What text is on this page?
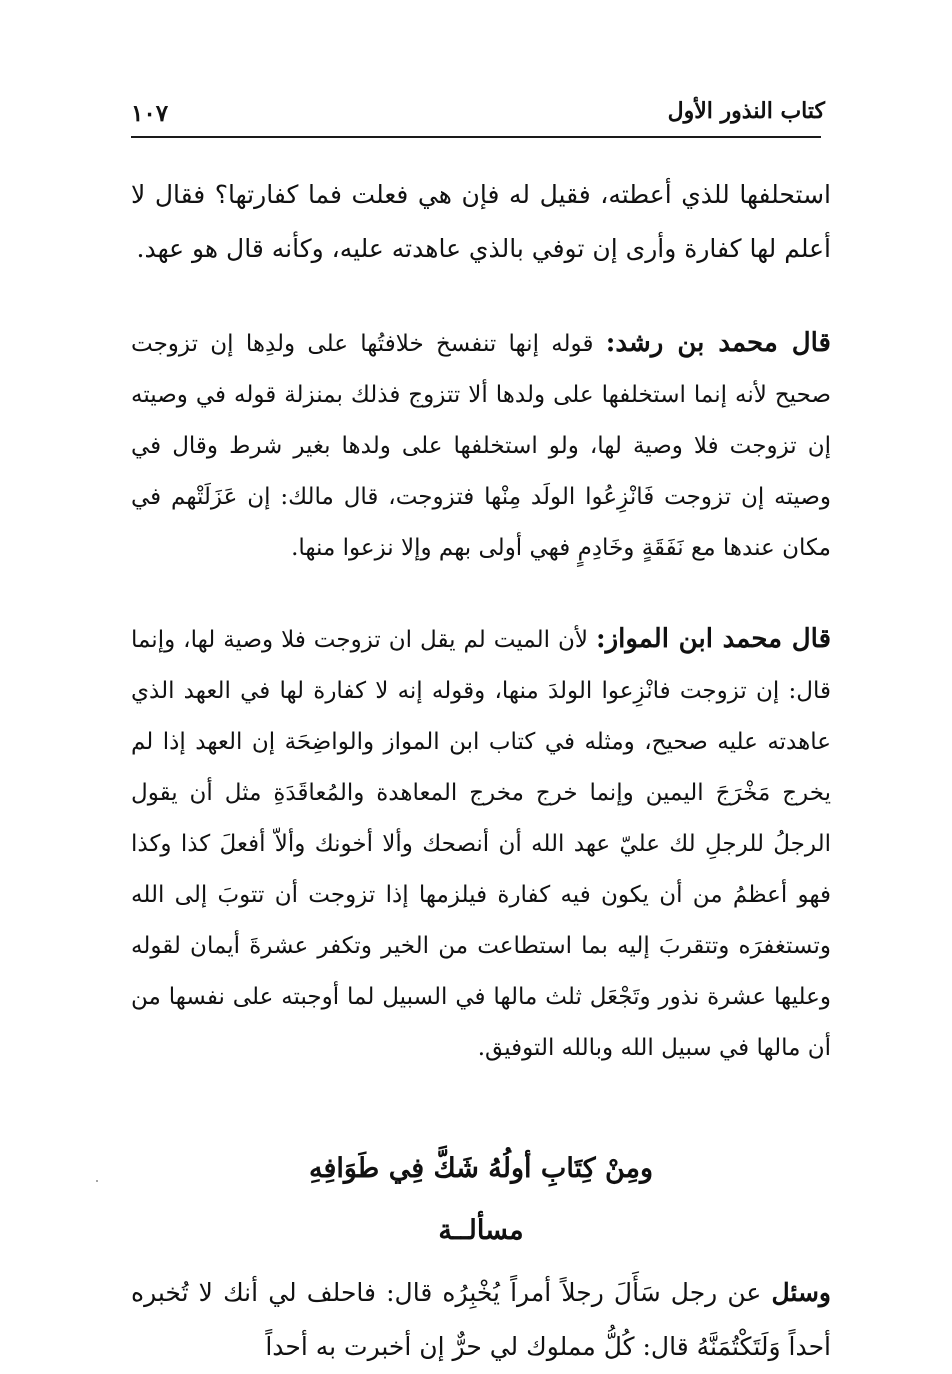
كتاب النذور الأول
١٠٧

استحلفها للذي أعطته، فقيل له فإن هي فعلت فما كفارتها؟ فقال لا أعلم لها كفارة وأرى إن توفي بالذي عاهدته عليه، وكأنه قال هو عهد.

قال محمد بن رشد: قوله إنها تنفسخ خلافتُها على ولدِها إن تزوجت صحيح لأنه إنما استخلفها على ولدها ألا تتزوج فذلك بمنزلة قوله في وصيته إن تزوجت فلا وصية لها، ولو استخلفها على ولدها بغير شرط وقال في وصيته إن تزوجت فَانْزِعُوا الولَد مِنْها فتزوجت، قال مالك: إن عَزَلَتْهم في مكان عندها مع نَفَقَةٍ وخَادِمٍ فهي أولى بهم وإلا نزعوا منها.

قال محمد ابن المواز: لأن الميت لم يقل ان تزوجت فلا وصية لها، وإنما قال: إن تزوجت فانْزِعوا الولدَ منها، وقوله إنه لا كفارة لها في العهد الذي عاهدته عليه صحيح، ومثله في كتاب ابن المواز والواضِحَة إن العهد إذا لم يخرج مَخْرَجَ اليمين وإنما خرج مخرج المعاهدة والمُعاقَدَةِ مثل أن يقول الرجلُ للرجلِ لك عليّ عهد الله أن أنصحك وألا أخونك وألاّ أفعلَ كذا وكذا فهو أعظمُ من أن يكون فيه كفارة فيلزمها إذا تزوجت أن تتوبَ إلى الله وتستغفرَه وتتقربَ إليه بما استطاعت من الخير وتكفر عشرةَ أيمان لقوله وعليها عشرة نذور وتَجْعَل ثلث مالها في السبيل لما أوجبته على نفسها من أن مالها في سبيل الله وبالله التوفيق.

ومِنْ كِتَابِ أولُهُ شَكَّ فِي طَوَافِهِ

مسألــة

وسئل عن رجل سَأَلَ رجلاً أمراً يُخْبِرُه قال: فاحلف لي أنك لا تُخبره أحداً وَلَتَكْتُمَنَّهُ قال: كُلُّ مملوك لي حرٌّ إن أخبرت به أحداً
